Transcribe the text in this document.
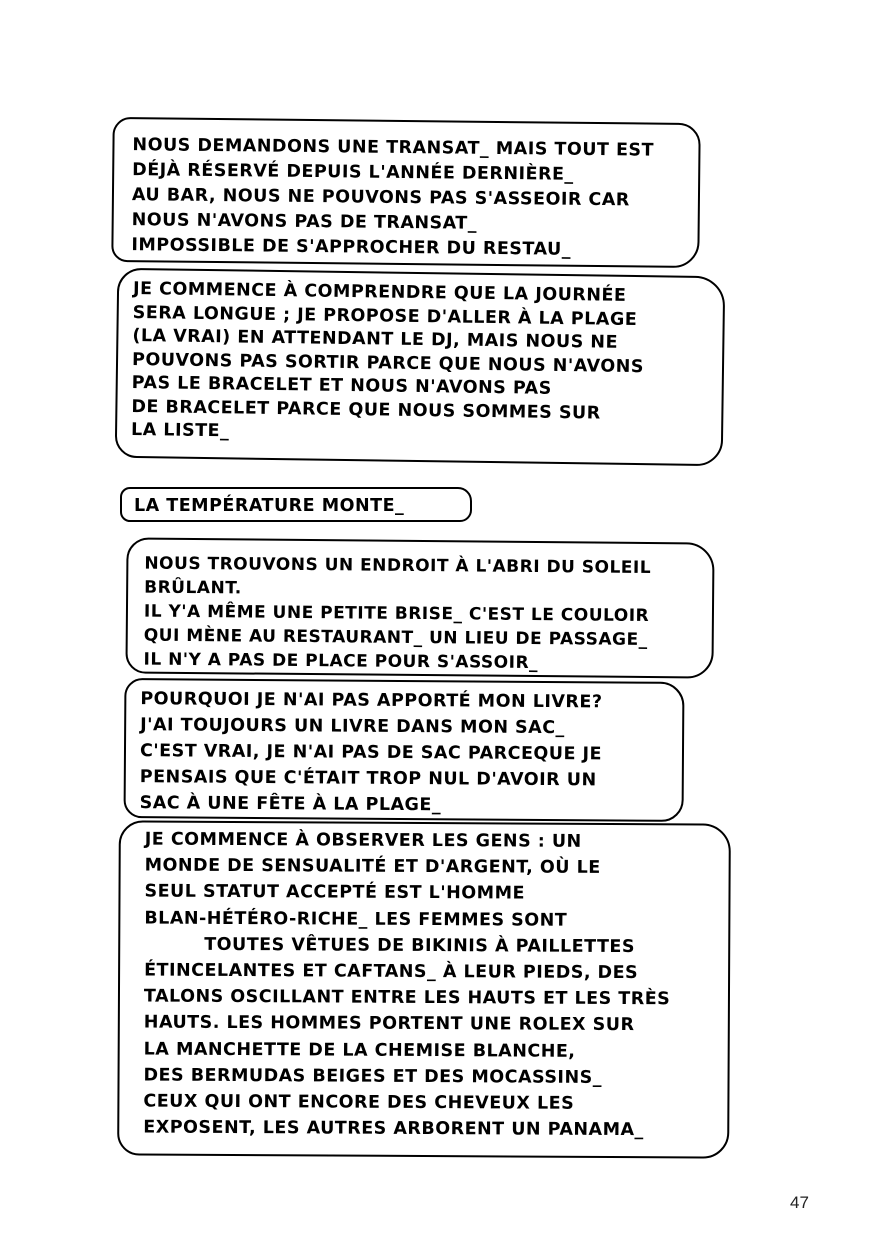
NOUS DEMANDONS UNE TRANSAT_ MAIS TOUT EST
DÉJÀ RÉSERVÉ DEPUIS L'ANNÉE DERNIÈRE_
AU BAR, NOUS NE POUVONS PAS S'ASSEOIR CAR
NOUS N'AVONS PAS DE TRANSAT_
IMPOSSIBLE DE S'APPROCHER DU RESTAU_
JE COMMENCE À COMPRENDRE QUE LA JOURNÉE
SERA LONGUE ; JE PROPOSE D'ALLER À LA PLAGE
(LA VRAI) EN ATTENDANT LE DJ, MAIS NOUS NE
POUVONS PAS SORTIR PARCE QUE NOUS N'AVONS
PAS LE BRACELET ET NOUS N'AVONS PAS
DE BRACELET PARCE QUE NOUS SOMMES SUR
LA LISTE_
LA TEMPÉRATURE MONTE_
NOUS TROUVONS UN ENDROIT À L'ABRI DU SOLEIL
BRÛLANT.
IL Y'A MÊME UNE PETITE BRISE_ C'EST LE COULOIR
QUI MÈNE AU RESTAURANT_ UN LIEU DE PASSAGE_
IL N'Y A PAS DE PLACE POUR S'ASSOIR_
POURQUOI JE N'AI PAS APPORTÉ MON LIVRE?
J'AI TOUJOURS UN LIVRE DANS MON SAC_
C'EST VRAI, JE N'AI PAS DE SAC PARCEQUE JE
PENSAIS QUE C'ÉTAIT TROP NUL D'AVOIR UN
SAC À UNE FÊTE À LA PLAGE_
JE COMMENCE À OBSERVER LES GENS : UN
MONDE DE SENSUALITÉ ET D'ARGENT, OÙ LE
SEUL STATUT ACCEPTÉ EST L'HOMME
BLAN-HÉTÉRO-RICHE_ LES FEMMES SONT
TOUTES VÊTUES DE BIKINIS À PAILLETTES
ÉTINCELANTES ET CAFTANS_ À LEUR PIEDS, DES
TALONS OSCILLANT ENTRE LES HAUTS ET LES TRÈS
HAUTS. LES HOMMES PORTENT UNE ROLEX SUR
LA MANCHETTE DE LA CHEMISE BLANCHE,
DES BERMUDAS BEIGES ET DES MOCASSINS_
CEUX QUI ONT ENCORE DES CHEVEUX LES
EXPOSENT, LES AUTRES ARBORENT UN PANAMA_
47
